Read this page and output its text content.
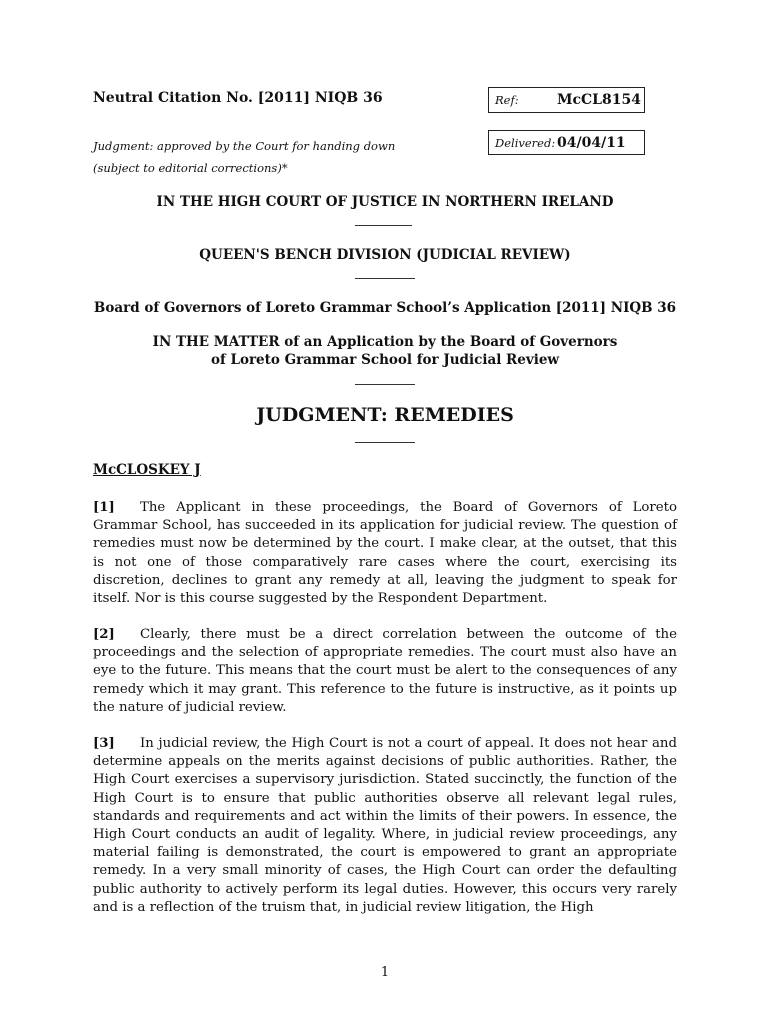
Neutral Citation No. [2011] NIQB 36
Judgment: approved by the Court for handing down
(subject to editorial corrections)*
Ref:	McCL8154
Delivered: 04/04/11
IN THE HIGH COURT OF JUSTICE IN NORTHERN IRELAND
QUEEN'S BENCH DIVISION (JUDICIAL REVIEW)
Board of Governors of Loreto Grammar School’s Application [2011] NIQB 36
IN THE MATTER of an Application by the Board of Governors
of Loreto Grammar School for Judicial Review
JUDGMENT: REMEDIES
McCLOSKEY J

[1] The Applicant in these proceedings, the Board of Governors of Loreto Grammar School, has succeeded in its application for judicial review. The question of remedies must now be determined by the court. I make clear, at the outset, that this is not one of those comparatively rare cases where the court, exercising its discretion, declines to grant any remedy at all, leaving the judgment to speak for itself. Nor is this course suggested by the Respondent Department.

[2] Clearly, there must be a direct correlation between the outcome of the proceedings and the selection of appropriate remedies. The court must also have an eye to the future. This means that the court must be alert to the consequences of any remedy which it may grant. This reference to the future is instructive, as it points up the nature of judicial review.

[3] In judicial review, the High Court is not a court of appeal. It does not hear and determine appeals on the merits against decisions of public authorities. Rather, the High Court exercises a supervisory jurisdiction. Stated succinctly, the function of the High Court is to ensure that public authorities observe all relevant legal rules, standards and requirements and act within the limits of their powers. In essence, the High Court conducts an audit of legality. Where, in judicial review proceedings, any material failing is demonstrated, the court is empowered to grant an appropriate remedy. In a very small minority of cases, the High Court can order the defaulting public authority to actively perform its legal duties. However, this occurs very rarely and is a reflection of the truism that, in judicial review litigation, the High

1
